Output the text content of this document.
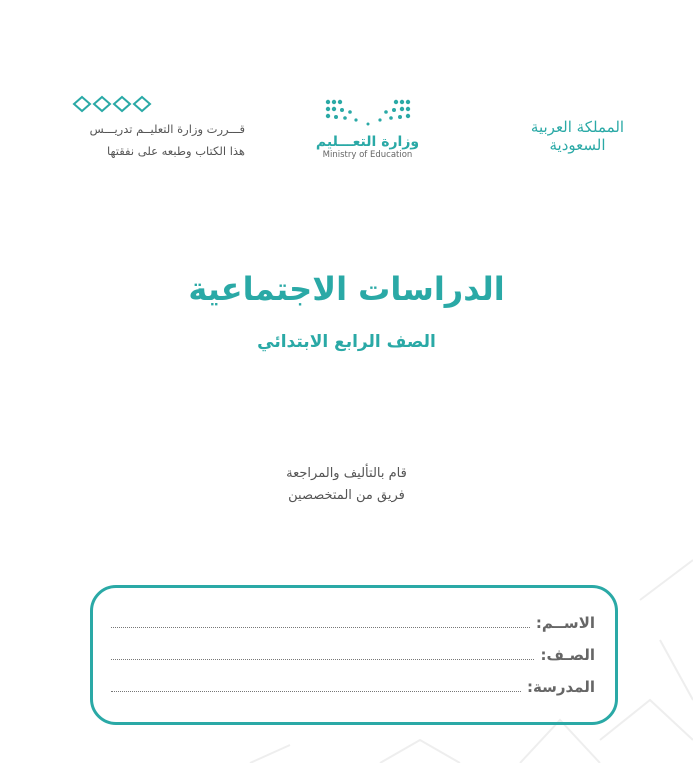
قـــررت وزارة التعليــم تدريـــس
هذا الكتاب وطبعه على نفقتها
وزارة التعـــليم
Ministry of Education
المملكة العربية السعودية
الدراسات الاجتماعية
الصف الرابع الابتدائي
قام بالتأليف والمراجعة
فريق من المتخصصين
الاســم:
الصـف:
المدرسة:
